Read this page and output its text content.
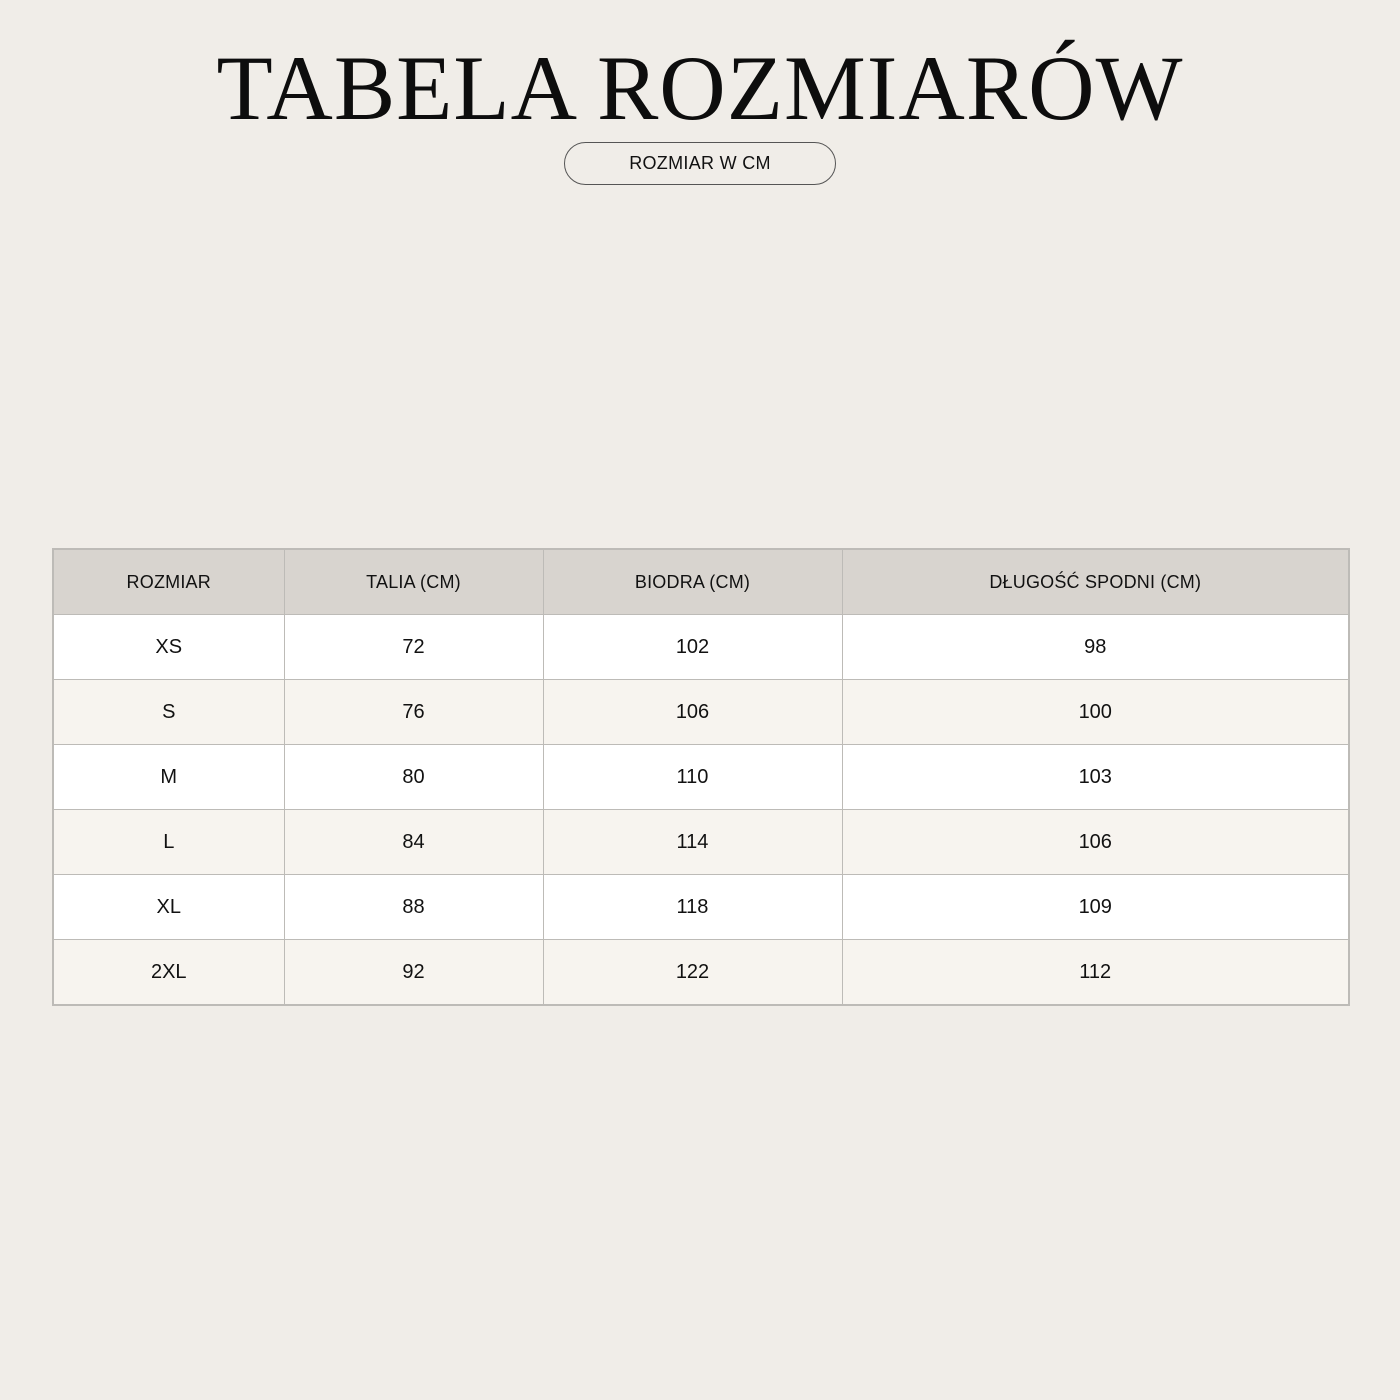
TABELA ROZMIARÓW
ROZMIAR W CM
ROZMIAR	TALIA (CM)	BIODRA (CM)	DŁUGOŚĆ SPODNI (CM)
XS	72	102	98
S	76	106	100
M	80	110	103
L	84	114	106
XL	88	118	109
2XL	92	122	112
